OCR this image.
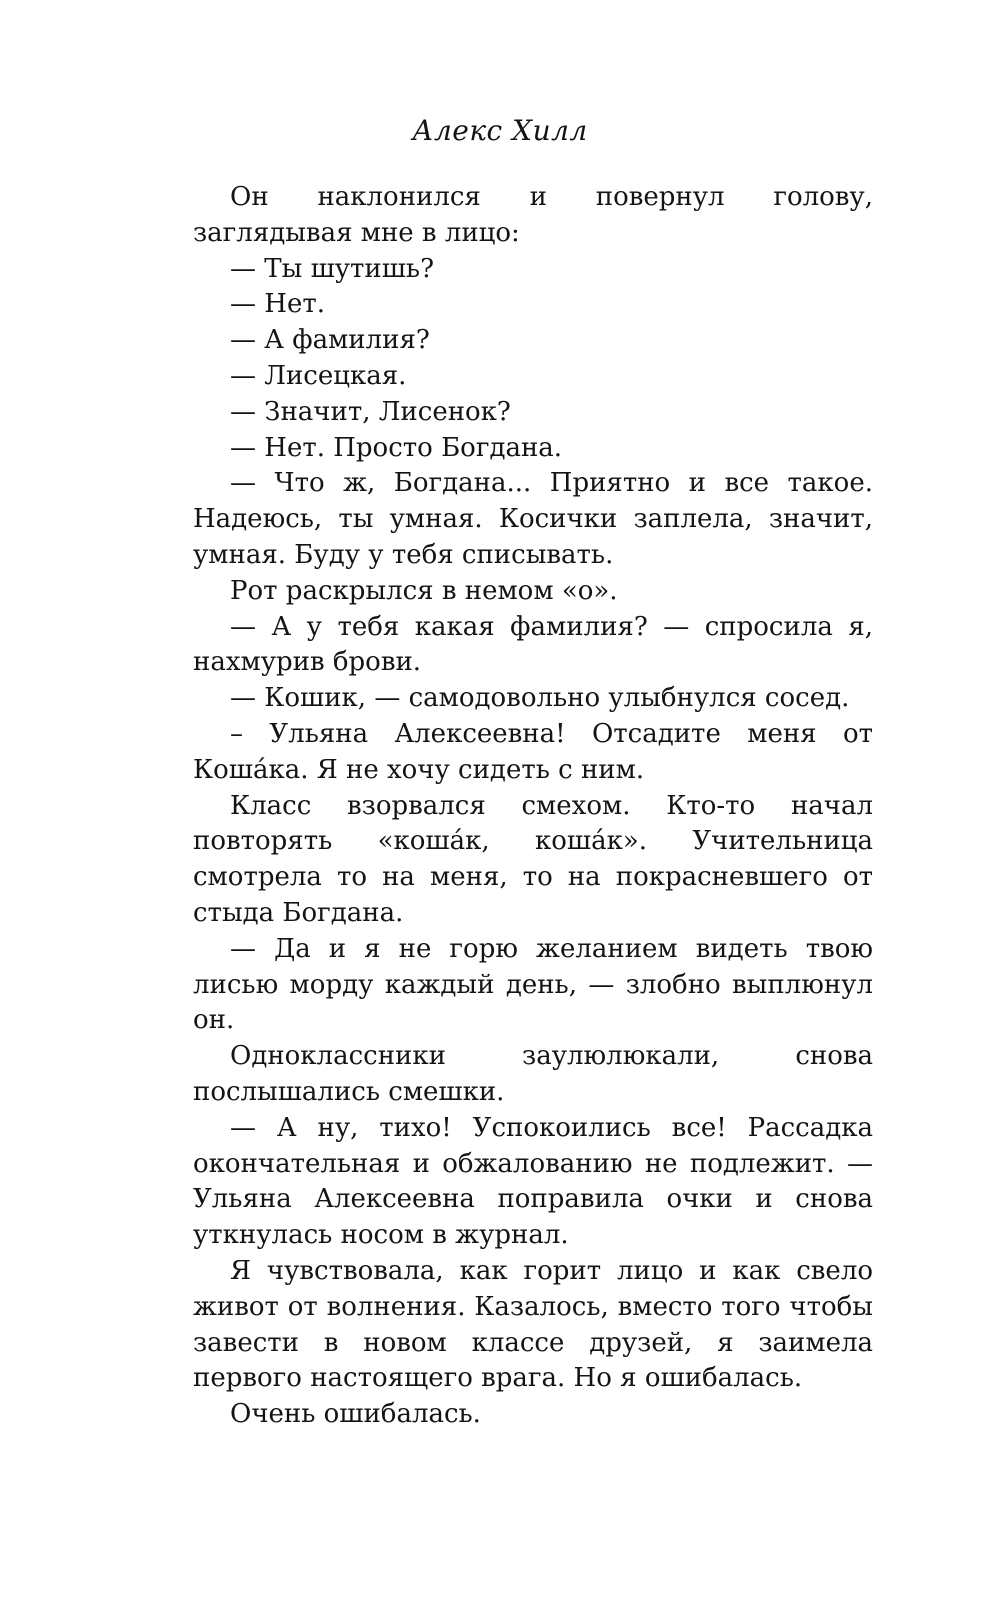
Алекс Хилл

Он наклонился и повернул голову, заглядывая мне в лицо:

— Ты шутишь?

— Нет.

— А фамилия?

— Лисецкая.

— Значит, Лисенок?

— Нет. Просто Богдана.

— Что ж, Богдана... Приятно и все такое. Надеюсь, ты умная. Косички заплела, значит, умная. Буду у тебя списывать.

Рот раскрылся в немом «о».

— А у тебя какая фамилия? — спросила я, нахмурив брови.

— Кошик, — самодовольно улыбнулся сосед.

– Ульяна Алексеевна! Отсадите меня от Кошáка. Я не хочу сидеть с ним.

Класс взорвался смехом. Кто-то начал повторять «кошáк, кошáк». Учительница смотрела то на меня, то на покрасневшего от стыда Богдана.

— Да и я не горю желанием видеть твою лисью морду каждый день, — злобно выплюнул он.

Одноклассники заулюлюкали, снова послышались смешки.

— А ну, тихо! Успокоились все! Рассадка окончательная и обжалованию не подлежит. — Ульяна Алексеевна поправила очки и снова уткнулась носом в журнал.

Я чувствовала, как горит лицо и как свело живот от волнения. Казалось, вместо того чтобы завести в новом классе друзей, я заимела первого настоящего врага. Но я ошибалась.

Очень ошибалась.
